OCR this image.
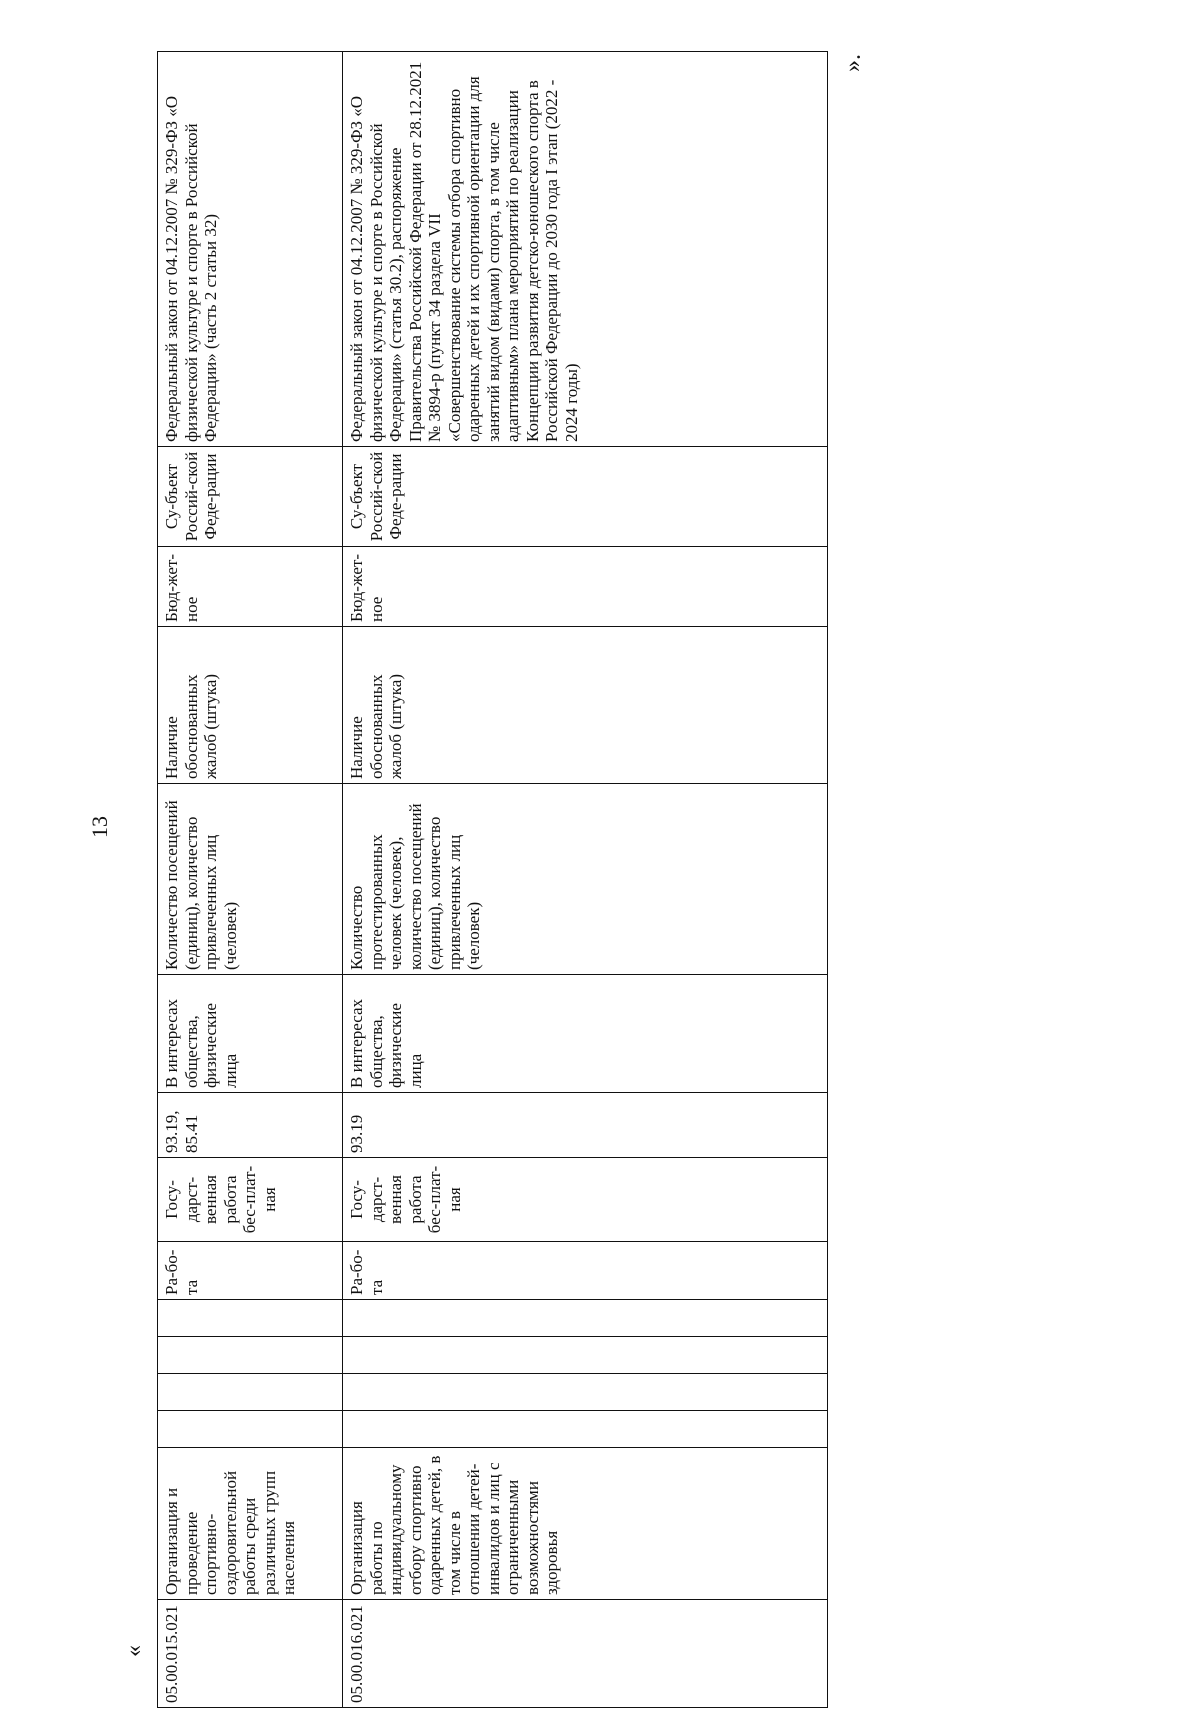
13
«
».
05.00.015.021	Организация и проведение спортивно-оздоровительной работы среди различных групп населения					Ра-бо-та	Госу-дарст-венная работа бес-плат-ная	93.19, 85.41	В интересах общества, физические лица	Количество посещений (единиц), количество привлеченных лиц (человек)	Наличие обоснованных жалоб (штука)	Бюд-жет-ное	Су-бъект Россий-ской Феде-рации	Федеральный закон от 04.12.2007 № 329-ФЗ «О физической культуре и спорте в Российской Федерации» (часть 2 статьи 32)
05.00.016.021	Организация работы по индивидуальному отбору спортивно одаренных детей, в том числе в отношении детей-инвалидов и лиц с ограниченными возможностями здоровья					Ра-бо-та	Госу-дарст-венная работа бес-плат-ная	93.19	В интересах общества, физические лица	Количество протестированных человек (человек), количество посещений (единиц), количество привлеченных лиц (человек)	Наличие обоснованных жалоб (штука)	Бюд-жет-ное	Су-бъект Россий-ской Феде-рации	Федеральный закон от 04.12.2007 № 329-ФЗ «О физической культуре и спорте в Российской Федерации» (статья 30.2), распоряжение Правительства Российской Федерации от 28.12.2021 № 3894-р (пункт 34 раздела VII «Совершенствование системы отбора спортивно одаренных детей и их спортивной ориентации для занятий видом (видами) спорта, в том числе адаптивным» плана мероприятий по реализации Концепции развития детско-юношеского спорта в Российской Федерации до 2030 года I этап (2022 - 2024 годы)
